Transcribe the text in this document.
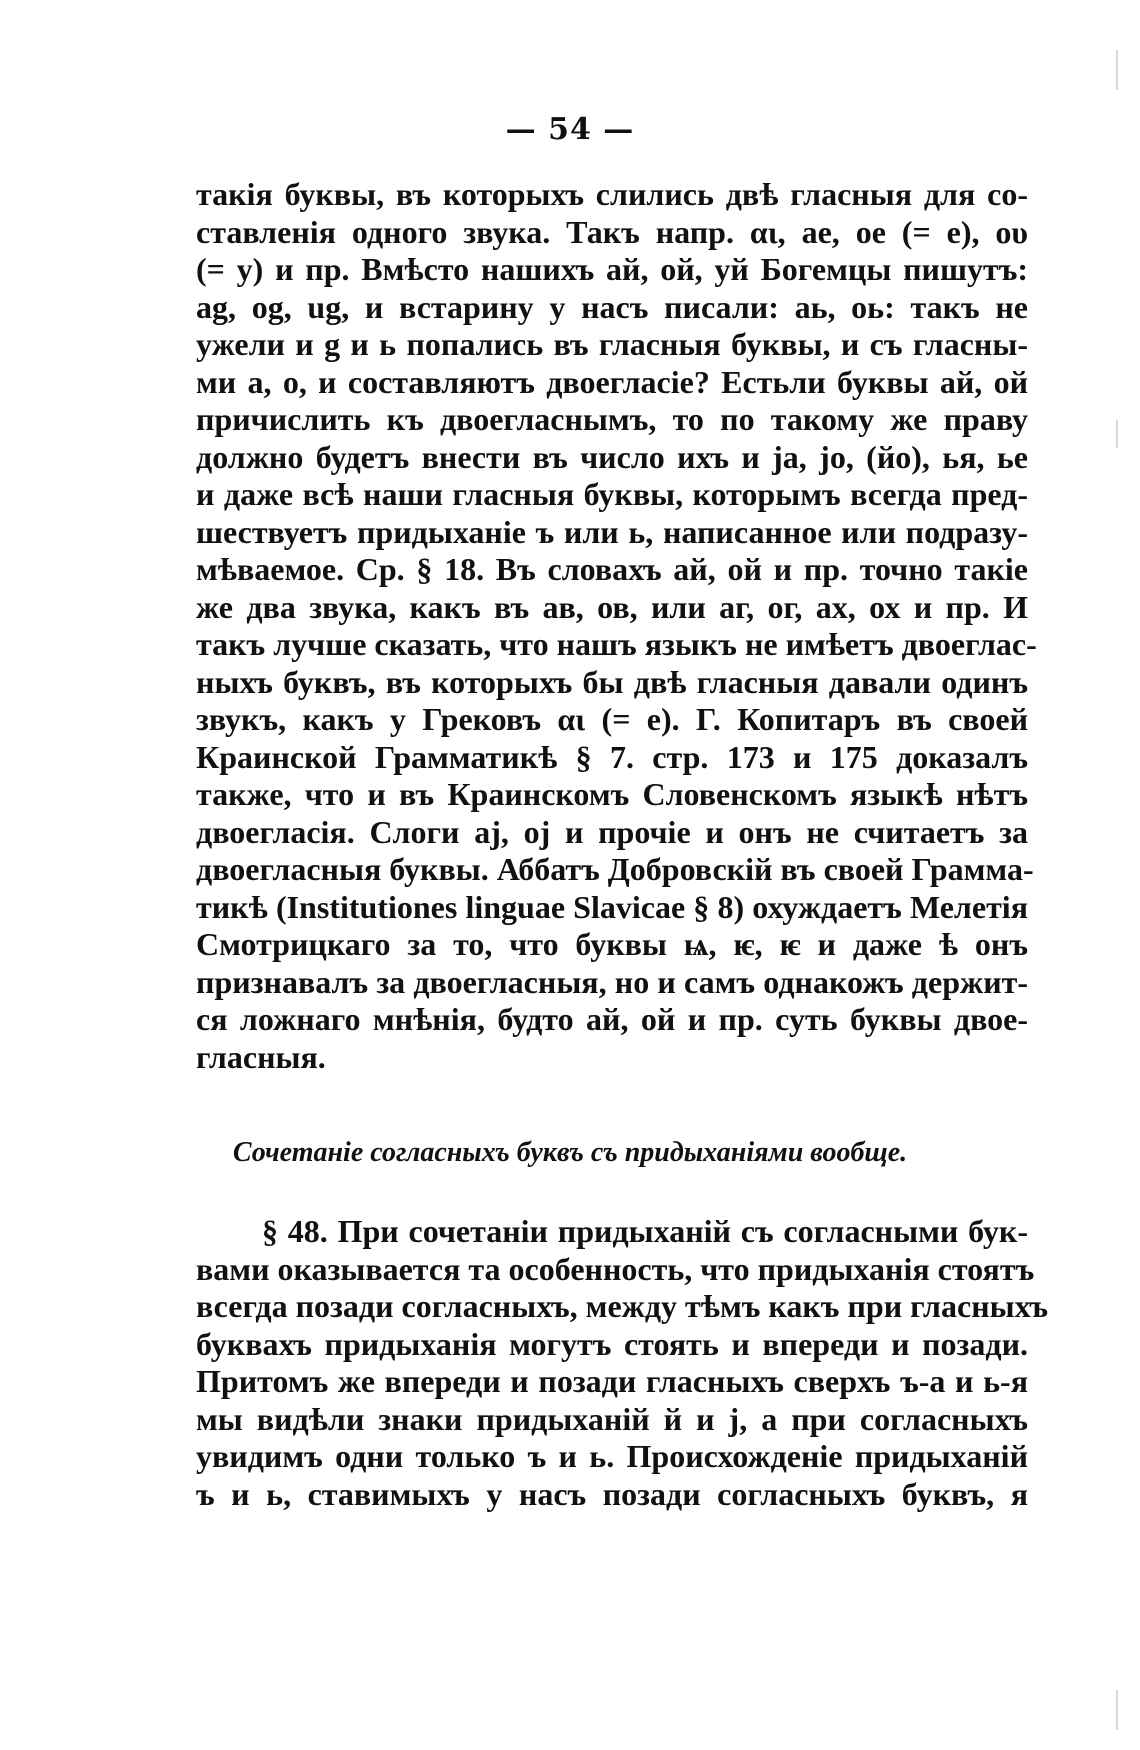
— 54 —
такія буквы, въ которыхъ слились двѣ гласныя для со-
ставленія одного звука. Такъ напр. αι, ae, oe (= e), ου
(= y) и пр. Вмѣсто нашихъ ай, ой, уй Богемцы пишутъ:
ag, og, ug, и встарину у насъ писали: аь, оь: такъ не
ужели и g и ь попались въ гласныя буквы, и съ гласны-
ми а, о, и составляютъ двоегласіе? Естьли буквы ай, ой
причислить къ двоегласнымъ, то по такому же праву
должно будетъ внести въ число ихъ и ja, jo, (йо), ья, ье
и даже всѣ наши гласныя буквы, которымъ всегда пред-
шествуетъ придыханіе ъ или ь, написанное или подразу-
мѣваемое. Ср. § 18. Въ словахъ ай, ой и пр. точно такіе
же два звука, какъ въ ав, ов, или аг, ог, ах, ох и пр. И
такъ лучше сказать, что нашъ языкъ не имѣетъ двоеглас-
ныхъ буквъ, въ которыхъ бы двѣ гласныя давали одинъ
звукъ, какъ у Грековъ αι (= e). Г. Копитаръ въ своей
Краинской Грамматикѣ § 7. стр. 173 и 175 доказалъ
также, что и въ Краинскомъ Словенскомъ языкѣ нѣтъ
двоегласія. Слоги aj, oj и прочіе и онъ не считаетъ за
двоегласныя буквы. Аббатъ Добровскій въ своей Грамма-
тикѣ (Institutiones linguae Slavicae § 8) охуждаетъ Мелетія
Смотрицкаго за то, что буквы ѩ, ѥ, ѥ и даже ѣ онъ
признавалъ за двоегласныя, но и самъ однакожъ держит-
ся ложнаго мнѣнія, будто ай, ой и пр. суть буквы двое-
гласныя.
Сочетаніе согласныхъ буквъ съ придыханіями вообще.
§ 48. При сочетаніи придыханій съ согласными бук-
вами оказывается та особенность, что придыханія стоятъ
всегда позади согласныхъ, между тѣмъ какъ при гласныхъ
буквахъ придыханія могутъ стоять и впереди и позади.
Притомъ же впереди и позади гласныхъ сверхъ ъ-а и ь-я
мы видѣли знаки придыханій й и j, а при согласныхъ
увидимъ одни только ъ и ь. Происхожденіе придыханій
ъ и ь, ставимыхъ у насъ позади согласныхъ буквъ, я
